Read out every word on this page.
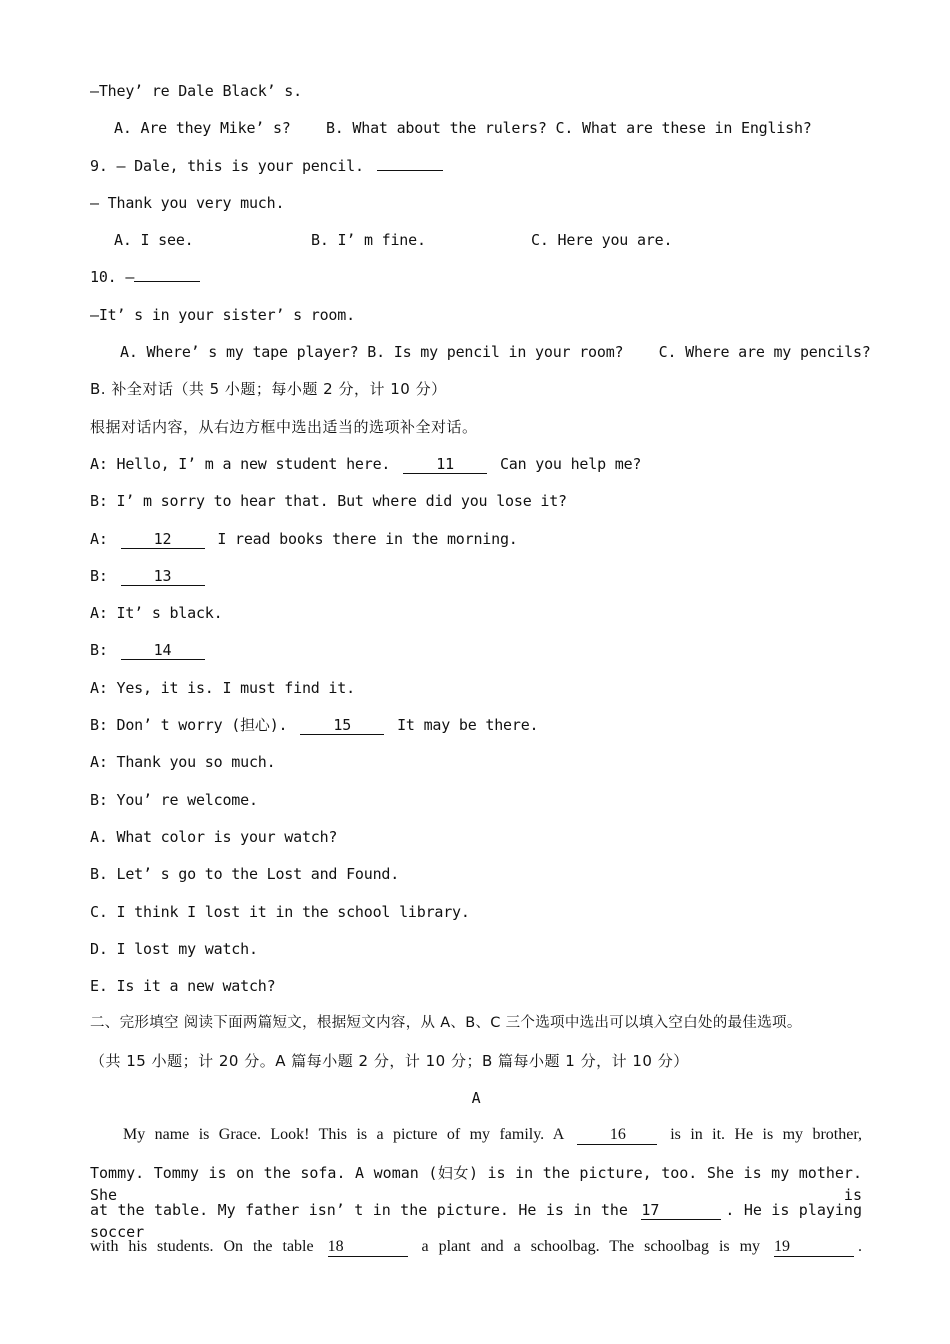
—They’ re Dale Black’ s.
A. Are they Mike’ s?    B. What about the rulers? C. What are these in English?
9. — Dale, this is your pencil.
— Thank you very much.
A. I see.	B. I’ m fine.	C. Here you are.
10. —
—It’ s in your sister’ s room.
A. Where’ s my tape player? B. Is my pencil in your room?    C. Where are my pencils?
B. 补全对话（共 5 小题；每小题 2 分，计 10 分）
根据对话内容，从右边方框中选出适当的选项补全对话。
A: Hello, I’ m a new student here.	11	Can you help me?
B: I’ m sorry to hear that. But where did you lose it?
A:	12	I read books there in the morning.
B:	13
A: It’ s black.
B:	14
A: Yes, it is. I must find it.
B: Don’ t worry (担心).	15	It may be there.
A: Thank you so much.
B: You’ re welcome.
A. What color is your watch?
B. Let’ s go to the Lost and Found.
C. I think I lost it in the school library.
D. I lost my watch.
E. Is it a new watch?
二、完形填空 阅读下面两篇短文，根据短文内容，从 A、B、C 三个选项中选出可以填入空白处的最佳选项。
（共 15 小题；计 20 分。A 篇每小题 2 分，计 10 分；B 篇每小题 1 分，计 10 分）
A
My name is Grace. Look! This is a picture of my family. A	16	is in it. He is my brother,
Tommy. Tommy is on the sofa. A woman (妇女) is in the picture, too. She is my mother. She is
at the table. My father isn’ t in the picture. He is in the 17	. He is playing soccer
with his students. On the table 18	a plant and a schoolbag. The schoolbag is my 19	.
